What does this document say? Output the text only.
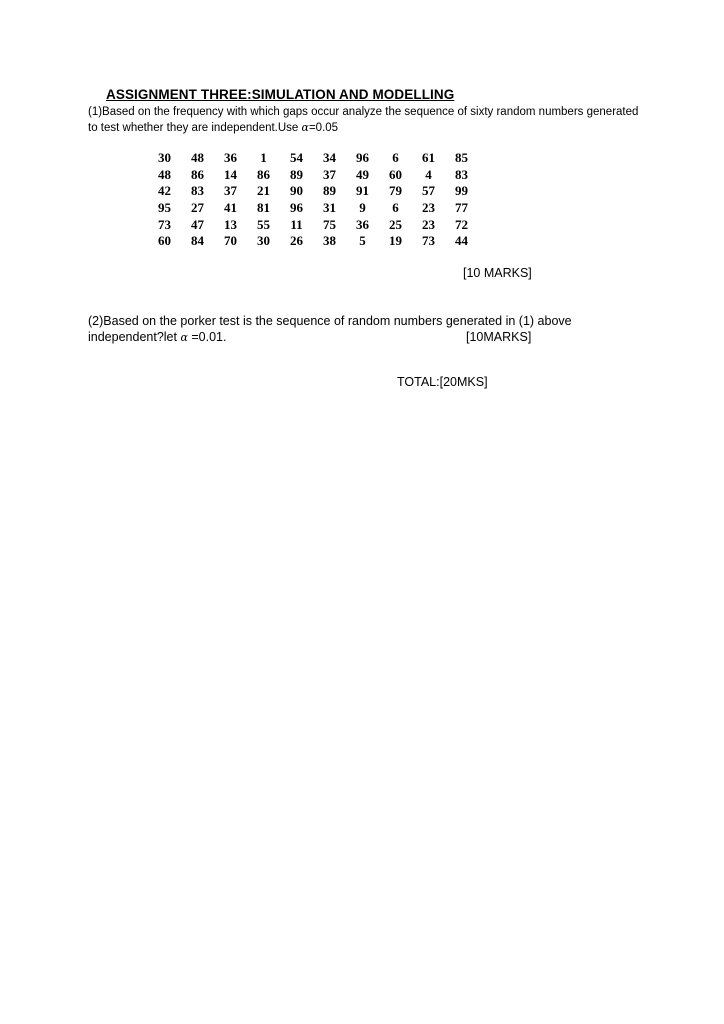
ASSIGNMENT THREE:SIMULATION AND MODELLING
(1)Based on the frequency with which gaps occur analyze the sequence of sixty random numbers generated to test whether they are independent.Use α=0.05
30	48	36	1	54	34	96	6	61	85
48	86	14	86	89	37	49	60	4	83
42	83	37	21	90	89	91	79	57	99
95	27	41	81	96	31	9	6	23	77
73	47	13	55	11	75	36	25	23	72
60	84	70	30	26	38	5	19	73	44
[10 MARKS]
(2)Based on the porker test is the sequence of random numbers generated in (1) above
independent?let α =0.01.	[10MARKS]
TOTAL:[20MKS]
